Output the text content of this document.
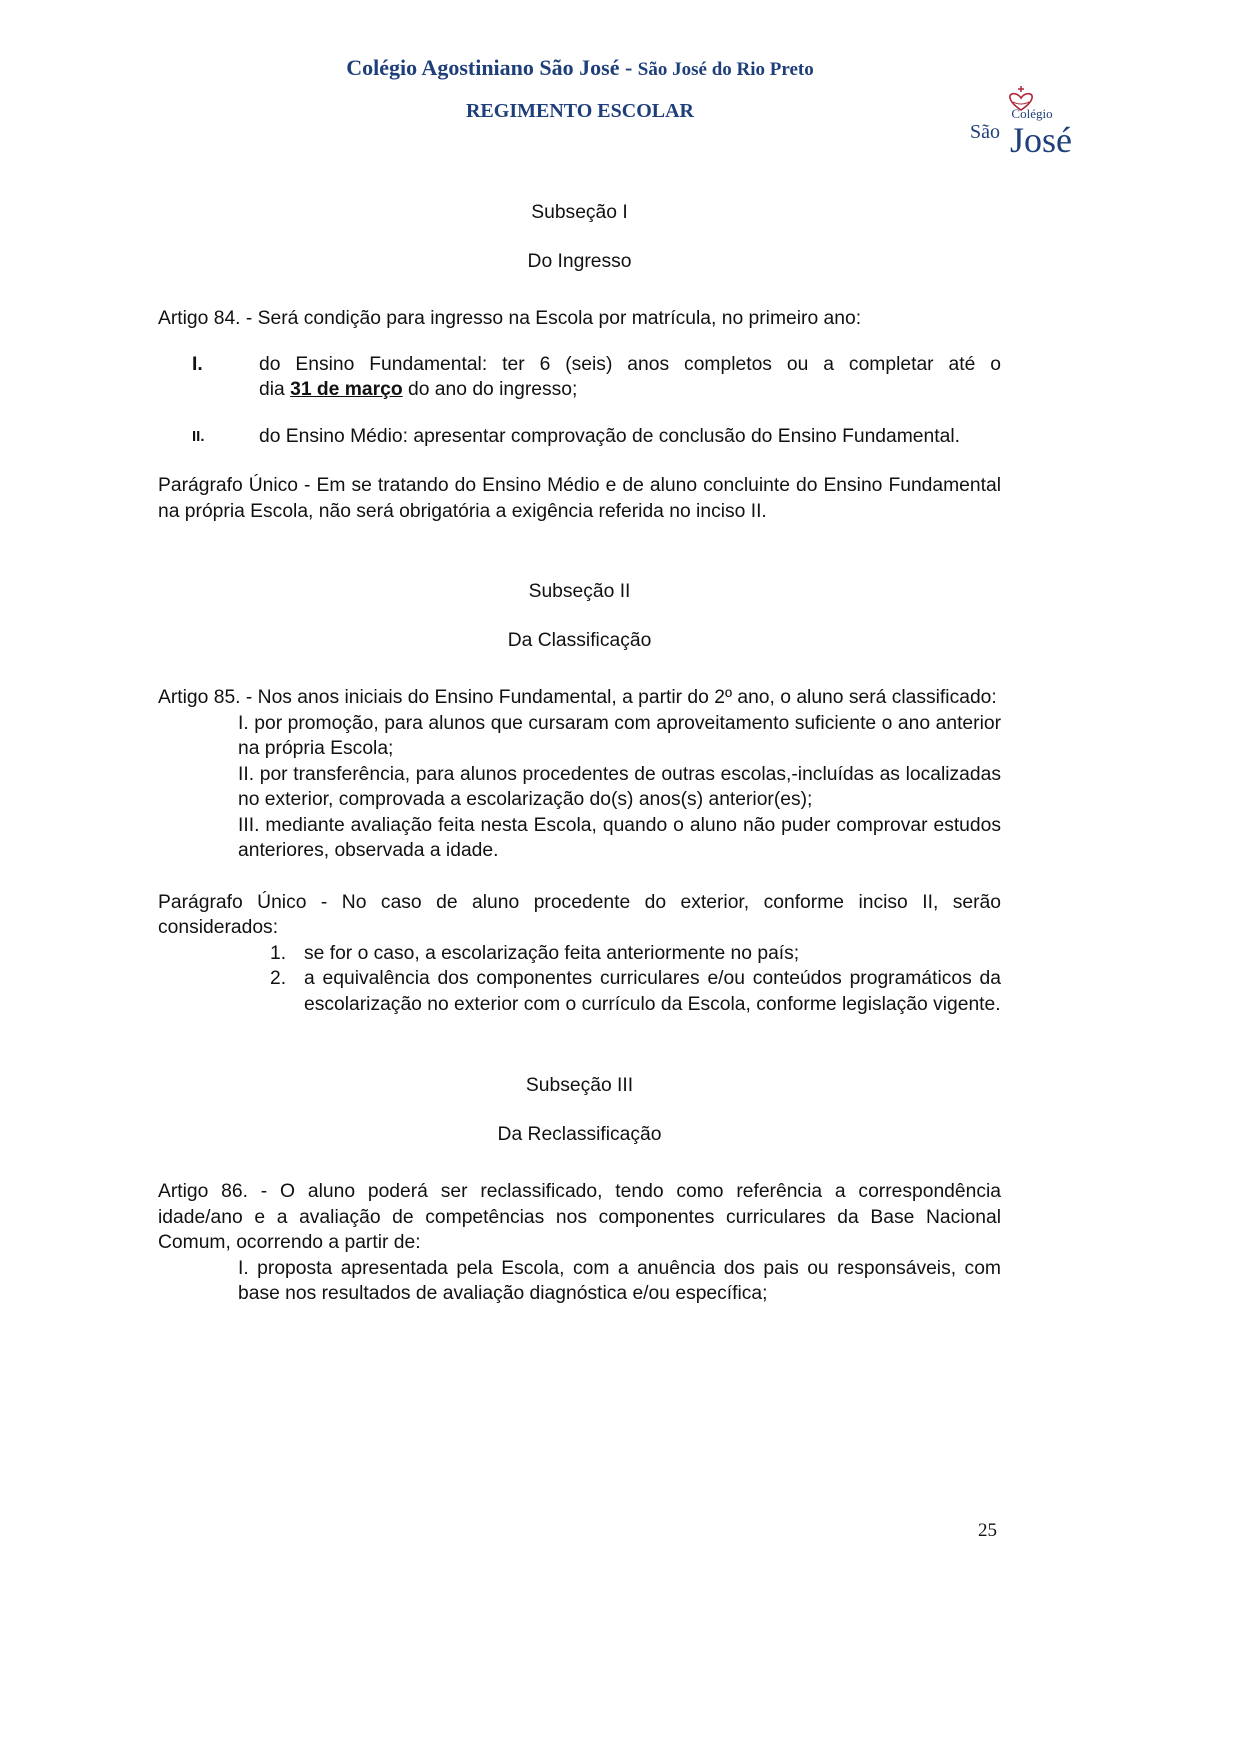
Colégio Agostiniano São José - São José do Rio Preto
REGIMENTO ESCOLAR	Colégio
São José

Subseção I

Do Ingresso

Artigo 84. - Será condição para ingresso na Escola por matrícula, no primeiro ano:

I.	do Ensino Fundamental: ter 6 (seis) anos completos ou a completar até o
dia 31 de março do ano do ingresso;
II.	do Ensino Médio: apresentar comprovação de conclusão do Ensino Fundamental.

Parágrafo Único - Em se tratando do Ensino Médio e de aluno concluinte do Ensino Fundamental na própria Escola, não será obrigatória a exigência referida no inciso II.

Subseção II

Da Classificação

Artigo 85. - Nos anos iniciais do Ensino Fundamental, a partir do 2º ano, o aluno será classificado:

I. por promoção, para alunos que cursaram com aproveitamento suficiente o ano anterior na própria Escola;

II. por transferência, para alunos procedentes de outras escolas,-incluídas as localizadas no exterior, comprovada a escolarização do(s) anos(s) anterior(es);

III. mediante avaliação feita nesta Escola, quando o aluno não puder comprovar estudos anteriores, observada a idade.

Parágrafo Único - No caso de aluno procedente do exterior, conforme inciso II, serão considerados:

1. se for o caso, a escolarização feita anteriormente no país;
2. a equivalência dos componentes curriculares e/ou conteúdos programáticos da escolarização no exterior com o currículo da Escola, conforme legislação vigente.

Subseção III

Da Reclassificação

Artigo 86. - O aluno poderá ser reclassificado, tendo como referência a correspondência idade/ano e a avaliação de competências nos componentes curriculares da Base Nacional Comum, ocorrendo a partir de:

I. proposta apresentada pela Escola, com a anuência dos pais ou responsáveis, com base nos resultados de avaliação diagnóstica e/ou específica;

25
